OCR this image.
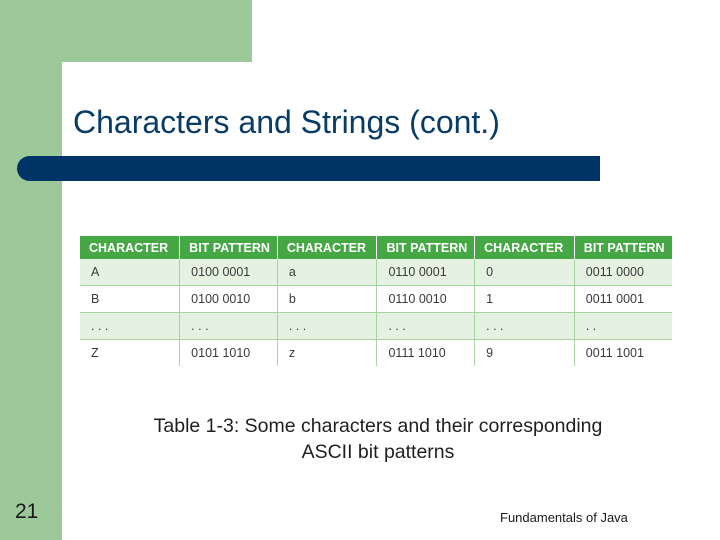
Characters and Strings (cont.)
CHARACTER	BIT PATTERN	CHARACTER	BIT PATTERN	CHARACTER	BIT PATTERN
A	0100 0001	a	0110 0001	0	0011 0000
B	0100 0010	b	0110 0010	1	0011 0001
. . .	. . .	. . .	. . .	. . .	. .
Z	0101 1010	z	0111 1010	9	0011 1001
Table 1-3: Some characters and their corresponding
ASCII bit patterns
21	Fundamentals of Java
